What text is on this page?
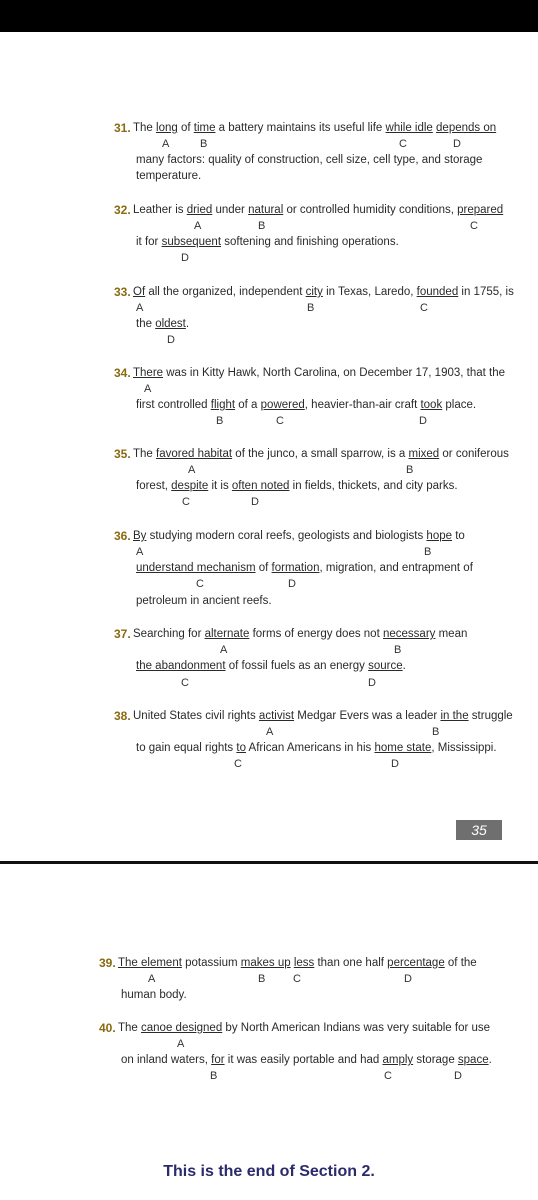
31. The long of time a battery maintains its useful life while idle depends on
A	B	C	D
many factors: quality of construction, cell size, cell type, and storage
temperature.
32. Leather is dried under natural or controlled humidity conditions, prepared
A	B	C
it for subsequent softening and finishing operations.
D
33. Of all the organized, independent city in Texas, Laredo, founded in 1755, is
A	B	C
the oldest.
D
34. There was in Kitty Hawk, North Carolina, on December 17, 1903, that the
A
first controlled flight of a powered, heavier-than-air craft took place.
B	C	D
35. The favored habitat of the junco, a small sparrow, is a mixed or coniferous
A	B
forest, despite it is often noted in fields, thickets, and city parks.
C	D
36. By studying modern coral reefs, geologists and biologists hope to
A	B
understand mechanism of formation, migration, and entrapment of
C	D
petroleum in ancient reefs.
37. Searching for alternate forms of energy does not necessary mean
A	B
the abandonment of fossil fuels as an energy source.
C	D
38. United States civil rights activist Medgar Evers was a leader in the struggle
A	B
to gain equal rights to African Americans in his home state, Mississippi.
C	D
35
39. The element potassium makes up less than one half percentage of the
A	B	C	D
human body.
40. The canoe designed by North American Indians was very suitable for use
A
on inland waters, for it was easily portable and had amply storage space.
B	C	D
This is the end of Section 2.
